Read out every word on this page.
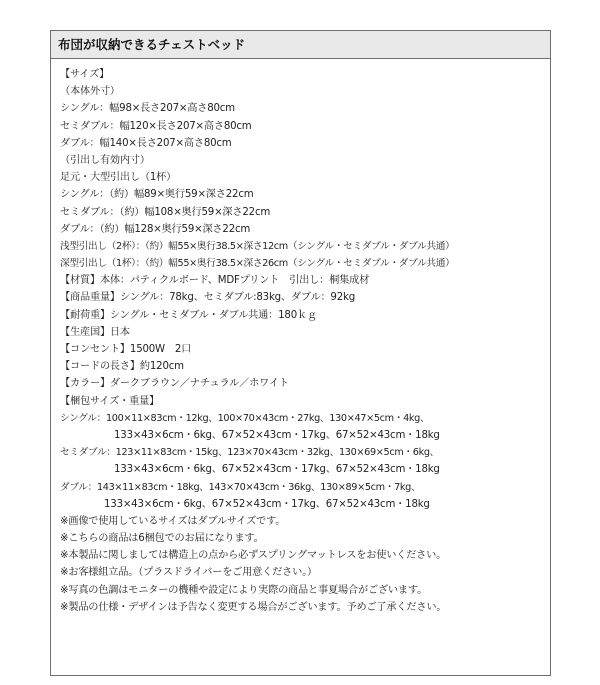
布団が収納できるチェストベッド
【サイズ】
（本体外寸）
シングル：幅98×長さ207×高さ80cm
セミダブル：幅120×長さ207×高さ80cm
ダブル：幅140×長さ207×高さ80cm
（引出し有効内寸）
足元・大型引出し（1杯）
シングル：（約）幅89×奥行59×深さ22cm
セミダブル：（約）幅108×奥行59×深さ22cm
ダブル：（約）幅128×奥行59×深さ22cm
浅型引出し（2杯）：（約）幅55×奥行38.5×深さ12cm（シングル・セミダブル・ダブル共通）
深型引出し（1杯）：（約）幅55×奥行38.5×深さ26cm（シングル・セミダブル・ダブル共通）
【材質】本体：パティクルボード、MDFプリント　引出し：桐集成材
【商品重量】シングル：78kg、セミダブル:83kg、ダブル：92kg
【耐荷重】シングル・セミダブル・ダブル共通：180ｋｇ
【生産国】日本
【コンセント】1500W　2口
【コードの長さ】約120cm
【カラー】ダークブラウン／ナチュラル／ホワイト
【梱包サイズ・重量】
シングル：100×11×83cm・12kg、100×70×43cm・27kg、130×47×5cm・4kg、
133×43×6cm・6kg、67×52×43cm・17kg、67×52×43cm・18kg
セミダブル：123×11×83cm・15kg、123×70×43cm・32kg、130×69×5cm・6kg、
133×43×6cm・6kg、67×52×43cm・17kg、67×52×43cm・18kg
ダブル：143×11×83cm・18kg、143×70×43cm・36kg、130×89×5cm・7kg、
133×43×6cm・6kg、67×52×43cm・17kg、67×52×43cm・18kg
※画像で使用しているサイズはダブルサイズです。
※こちらの商品は6梱包でのお届になります。
※本製品に関しましては構造上の点から必ずスプリングマットレスをお使いください。
※お客様組立品。（プラスドライバーをご用意ください。）
※写真の色調はモニターの機種や設定により実際の商品と事夏場合がございます。
※製品の仕様・デザインは予告なく変更する場合がございます。予めご了承ください。
